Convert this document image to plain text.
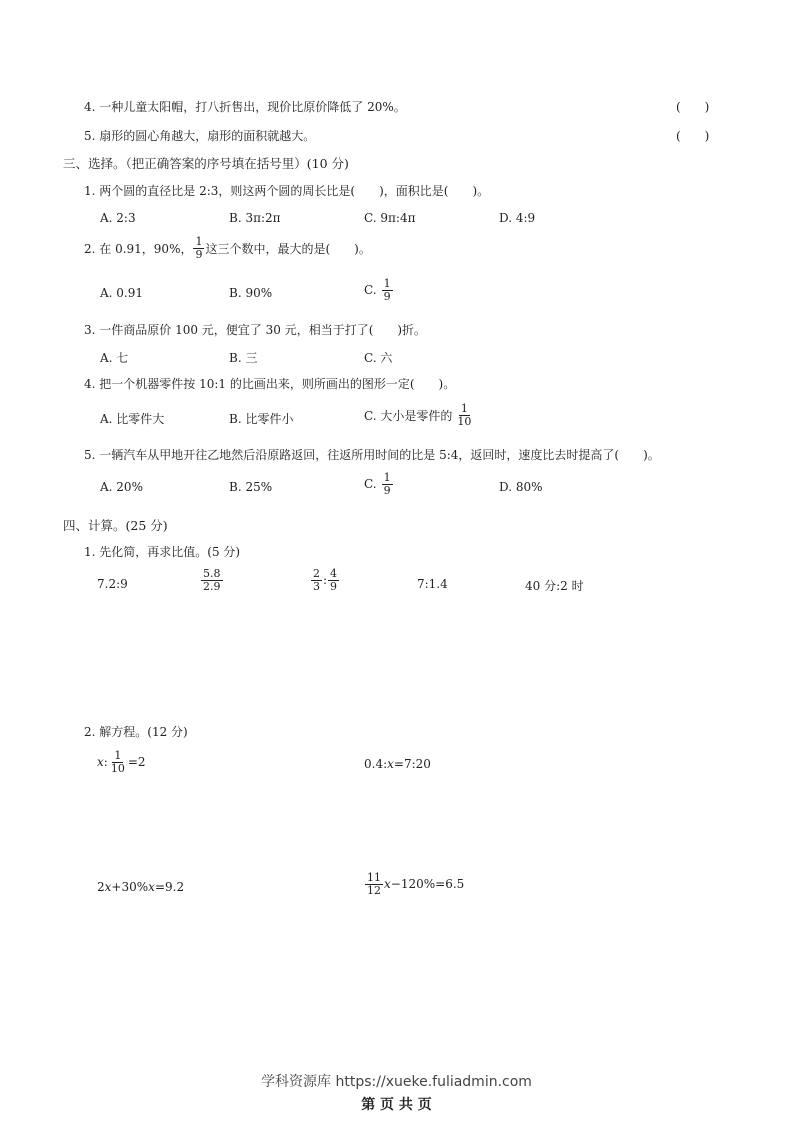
4. 一种儿童太阳帽，打八折售出，现价比原价降低了 20%。	(　　)
5. 扇形的圆心角越大，扇形的面积就越大。	(　　)
三、选择。（把正确答案的序号填在括号里）(10 分)
1. 两个圆的直径比是 2:3，则这两个圆的周长比是(　　)，面积比是(　　)。
A. 2:3	B. 3π:2π	C. 9π:4π	D. 4:9
2. 在 0.91，90%， $\frac{1}{9}$ 这三个数中，最大的是(　　)。
A. 0.91	B. 90%	C. $\frac{1}{9}$
3. 一件商品原价 100 元，便宜了 30 元，相当于打了(　　)折。
A. 七	B. 三	C. 六
4. 把一个机器零件按 10:1 的比画出来，则所画出的图形一定(　　)。
A. 比零件大	B. 比零件小	C. 大小是零件的 $\frac{1}{10}$
5. 一辆汽车从甲地开往乙地然后沿原路返回，往返所用时间的比是 5:4，返回时，速度比去时提高了(　　)。
A. 20%	B. 25%	C. $\frac{1}{9}$	D. 80%
四、计算。(25 分)
1. 先化简，再求比值。(5 分)
7.2:9	$\frac{5.8}{2.9}$	$\frac{2}{3}$ : $\frac{4}{9}$	7:1.4	40 分:2 时
2. 解方程。(12 分)
x : $\frac{1}{10} =2$	0.4:x=7:20
2x+30%x=9.2	$\frac{11}{12}$ x −120%=6.5
学科资源库 https://xueke.fuliadmin.com
第 页 共 页
